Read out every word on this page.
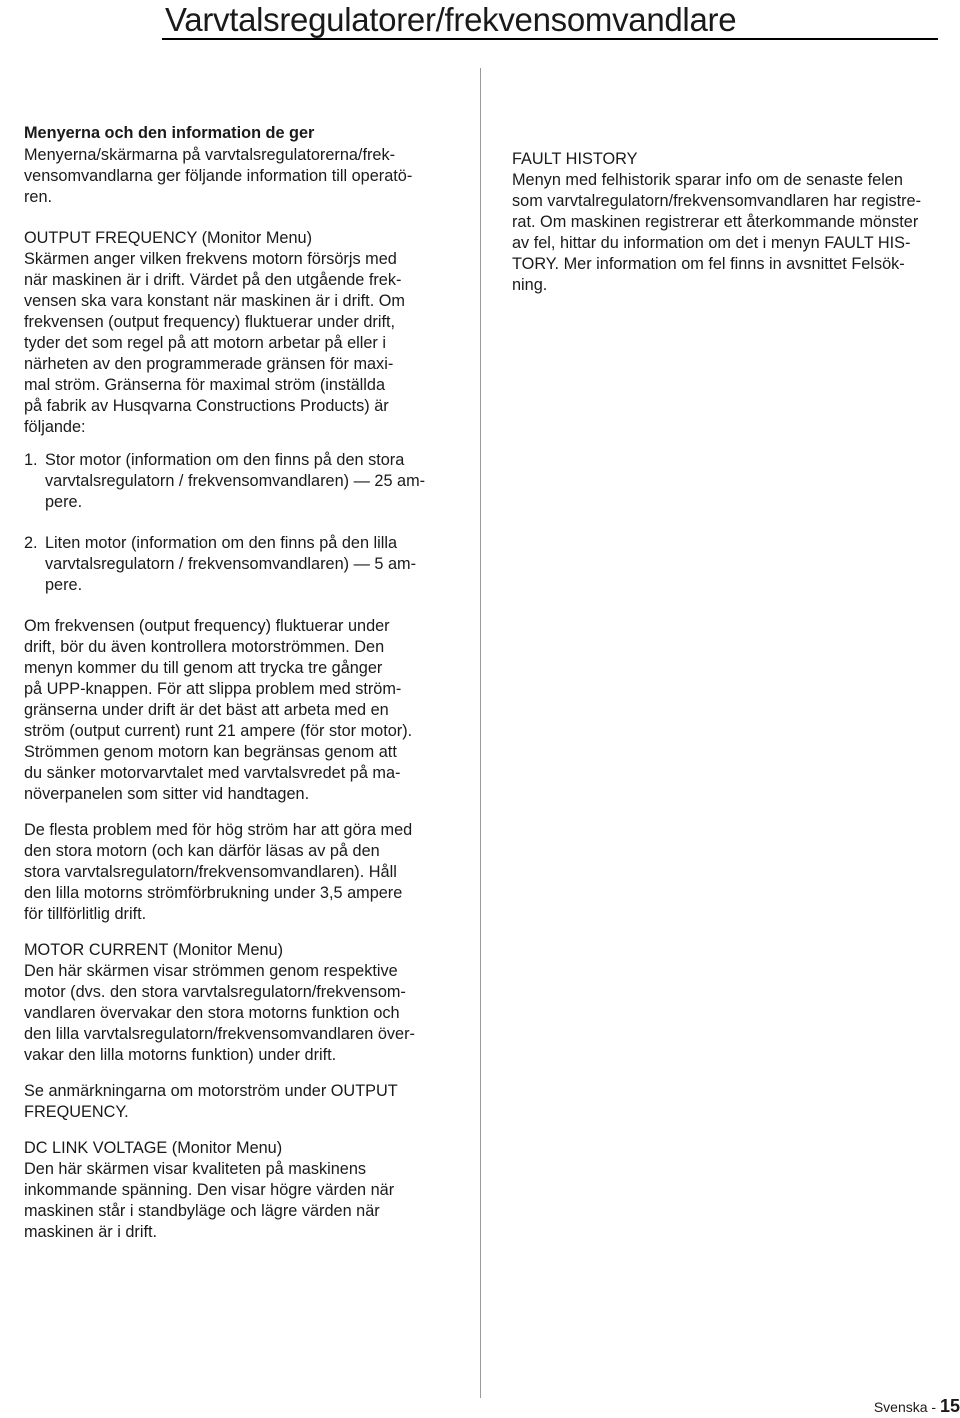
Varvtalsregulatorer/frekvensomvandlare

Menyerna och den information de ger

Menyerna/skärmarna på varvtalsregulatorerna/frek-
vensomvandlarna ger följande information till operatö-
ren.

OUTPUT FREQUENCY (Monitor Menu)
Skärmen anger vilken frekvens motorn försörjs med
när maskinen är i drift. Värdet på den utgående frek-
vensen ska vara konstant när maskinen är i drift. Om
frekvensen (output frequency) fluktuerar under drift,
tyder det som regel på att motorn arbetar på eller i
närheten av den programmerade gränsen för maxi-
mal ström. Gränserna för maximal ström (inställda
på fabrik av Husqvarna Constructions Products) är
följande:

1. Stor motor (information om den finns på den stora
varvtalsregulatorn / frekvensomvandlaren) — 25 am-
pere.
2. Liten motor (information om den finns på den lilla
varvtalsregulatorn / frekvensomvandlaren) — 5 am-
pere.

Om frekvensen (output frequency) fluktuerar under
drift, bör du även kontrollera motorströmmen. Den
menyn kommer du till genom att trycka tre gånger
på UPP-knappen. För att slippa problem med ström-
gränserna under drift är det bäst att arbeta med en
ström (output current) runt 21 ampere (för stor motor).
Strömmen genom motorn kan begränsas genom att
du sänker motorvarvtalet med varvtalsvredet på ma-
növerpanelen som sitter vid handtagen.

De flesta problem med för hög ström har att göra med
den stora motorn (och kan därför läsas av på den
stora varvtalsregulatorn/frekvensomvandlaren). Håll
den lilla motorns strömförbrukning under 3,5 ampere
för tillförlitlig drift.

MOTOR CURRENT (Monitor Menu)
Den här skärmen visar strömmen genom respektive
motor (dvs. den stora varvtalsregulatorn/frekvensom-
vandlaren övervakar den stora motorns funktion och
den lilla varvtalsregulatorn/frekvensomvandlaren över-
vakar den lilla motorns funktion) under drift.

Se anmärkningarna om motorström under OUTPUT
FREQUENCY.

DC LINK VOLTAGE (Monitor Menu)
Den här skärmen visar kvaliteten på maskinens
inkommande spänning. Den visar högre värden när
maskinen står i standbyläge och lägre värden när
maskinen är i drift.

FAULT HISTORY
Menyn med felhistorik sparar info om de senaste felen
som varvtalregulatorn/frekvensomvandlaren har registre-
rat. Om maskinen registrerar ett återkommande mönster
av fel, hittar du information om det i menyn FAULT HIS-
TORY. Mer information om fel finns in avsnittet Felsök-
ning.

Svenska - 15
